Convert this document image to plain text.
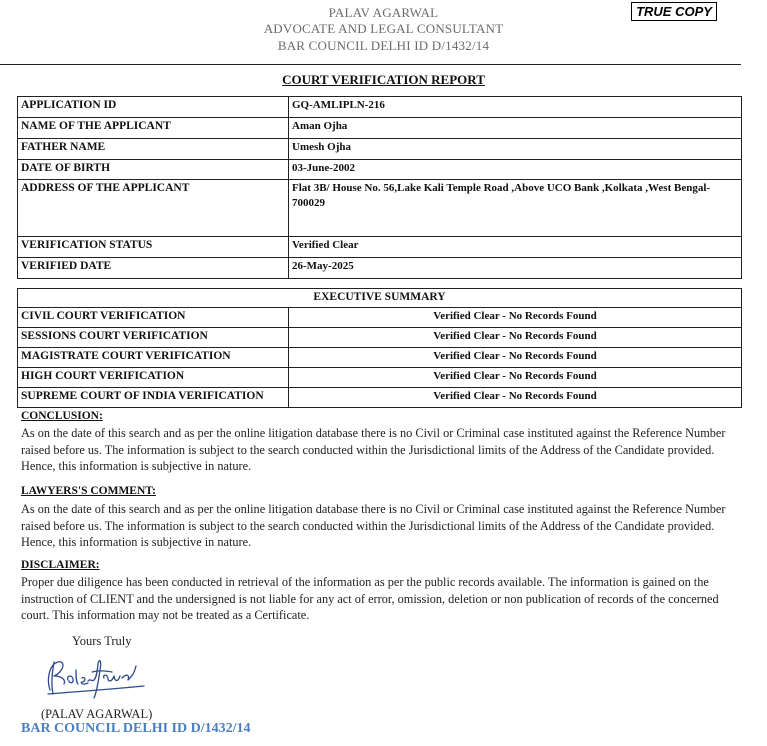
PALAV AGARWAL
ADVOCATE AND LEGAL CONSULTANT
BAR COUNCIL DELHI ID D/1432/14
TRUE COPY
COURT VERIFICATION REPORT
APPLICATION ID	GQ-AMLIPLN-216
NAME OF THE APPLICANT	Aman Ojha
FATHER NAME	Umesh Ojha
DATE OF BIRTH	03-June-2002
ADDRESS OF THE APPLICANT	Flat 3B/ House No. 56,Lake Kali Temple Road ,Above UCO Bank ,Kolkata ,West Bengal-700029
VERIFICATION STATUS	Verified Clear
VERIFIED DATE	26-May-2025
EXECUTIVE SUMMARY	
CIVIL COURT VERIFICATION	Verified Clear - No Records Found
SESSIONS COURT VERIFICATION	Verified Clear - No Records Found
MAGISTRATE COURT VERIFICATION	Verified Clear - No Records Found
HIGH COURT VERIFICATION	Verified Clear - No Records Found
SUPREME COURT OF INDIA VERIFICATION	Verified Clear - No Records Found
CONCLUSION:

As on the date of this search and as per the online litigation database there is no Civil or Criminal case instituted against the Reference Number raised before us. The information is subject to the search conducted within the Jurisdictional limits of the Address of the Candidate provided. Hence, this information is subjective in nature.

LAWYERS'S COMMENT:

As on the date of this search and as per the online litigation database there is no Civil or Criminal case instituted against the Reference Number raised before us. The information is subject to the search conducted within the Jurisdictional limits of the Address of the Candidate provided. Hence, this information is subjective in nature.

DISCLAIMER:

Proper due diligence has been conducted in retrieval of the information as per the public records available. The information is gained on the instruction of CLIENT and the undersigned is not liable for any act of error, omission, deletion or non publication of records of the concerned court. This information may not be treated as a Certificate.

Yours Truly
(PALAV AGARWAL)
BAR COUNCIL DELHI ID D/1432/14
